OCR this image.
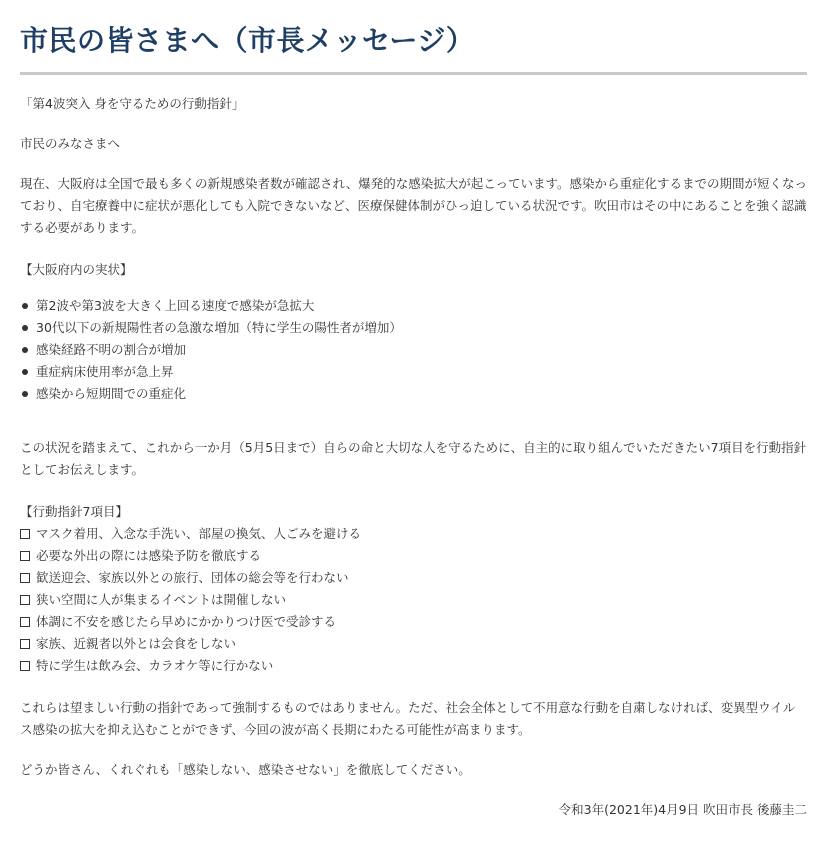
市民の皆さまへ（市長メッセージ）

「第4波突入 身を守るための行動指針」

市民のみなさまへ

現在、大阪府は全国で最も多くの新規感染者数が確認され、爆発的な感染拡大が起こっています。感染から重症化するまでの期間が短くなっており、自宅療養中に症状が悪化しても入院できないなど、医療保健体制がひっ迫している状況です。吹田市はその中にあることを強く認識する必要があります。

【大阪府内の実状】

第2波や第3波を大きく上回る速度で感染が急拡大
30代以下の新規陽性者の急激な増加（特に学生の陽性者が増加）
感染経路不明の割合が増加
重症病床使用率が急上昇
感染から短期間での重症化

この状況を踏まえて、これから一か月（5月5日まで）自らの命と大切な人を守るために、自主的に取り組んでいただきたい7項目を行動指針としてお伝えします。

【行動指針7項目】

マスク着用、入念な手洗い、部屋の換気、人ごみを避ける
必要な外出の際には感染予防を徹底する
歓送迎会、家族以外との旅行、団体の総会等を行わない
狭い空間に人が集まるイベントは開催しない
体調に不安を感じたら早めにかかりつけ医で受診する
家族、近親者以外とは会食をしない
特に学生は飲み会、カラオケ等に行かない

これらは望ましい行動の指針であって強制するものではありません。ただ、社会全体として不用意な行動を自粛しなければ、変異型ウイルス感染の拡大を抑え込むことができず、今回の波が高く長期にわたる可能性が高まります。

どうか皆さん、くれぐれも「感染しない、感染させない」を徹底してください。

令和3年(2021年)4月9日 吹田市長 後藤圭二
